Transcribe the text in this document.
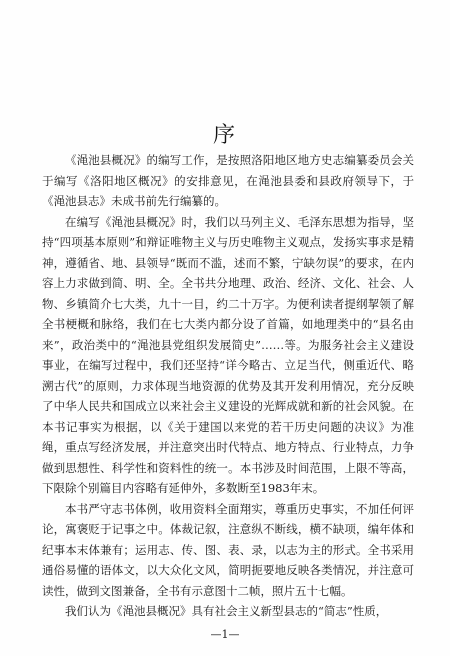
序

《渑池县概况》的编写工作，是按照洛阳地区地方史志编纂委员会关于编写《洛阳地区概况》的安排意见，在渑池县委和县政府领导下，于《渑池县志》未成书前先行编纂的。

在编写《渑池县概况》时，我们以马列主义、毛泽东思想为指导，坚持“四项基本原则”和辩证唯物主义与历史唯物主义观点，发扬实事求是精神，遵循省、地、县领导“既而不滥，述而不繁，宁缺勿误”的要求，在内容上力求做到简、明、全。全书共分地理、政治、经济、文化、社会、人物、乡镇简介七大类，九十一目，约二十万字。为便利读者提纲挈领了解全书梗概和脉络，我们在七大类内都分设了首篇，如地理类中的“县名由来”，政治类中的“渑池县党组织发展简史”……等。为服务社会主义建设事业，在编写过程中，我们还坚持“详今略古、立足当代，侧重近代、略溯古代”的原则，力求体现当地资源的优势及其开发利用情况，充分反映了中华人民共和国成立以来社会主义建设的光辉成就和新的社会风貌。在本书记事实为根据，以《关于建国以来党的若干历史问题的决议》为准绳，重点写经济发展，并注意突出时代特点、地方特点、行业特点，力争做到思想性、科学性和资料性的统一。本书涉及时间范围，上限不等高，下限除个别篇目内容略有延伸外，多数断至1983年末。

本书严守志书体例，收用资料全面翔实，尊重历史事实，不加任何评论，寓褒贬于记事之中。体裁记叙，注意纵不断线，横不缺项，编年体和纪事本末体兼有；运用志、传、图、表、录，以志为主的形式。全书采用通俗易懂的语体文，以大众化文风，简明扼要地反映各类情况，并注意可读性，做到文图兼备，全书有示意图十二帧，照片五十七幅。

我们认为《渑池县概况》具有社会主义新型县志的“简志”性质，

—1—
